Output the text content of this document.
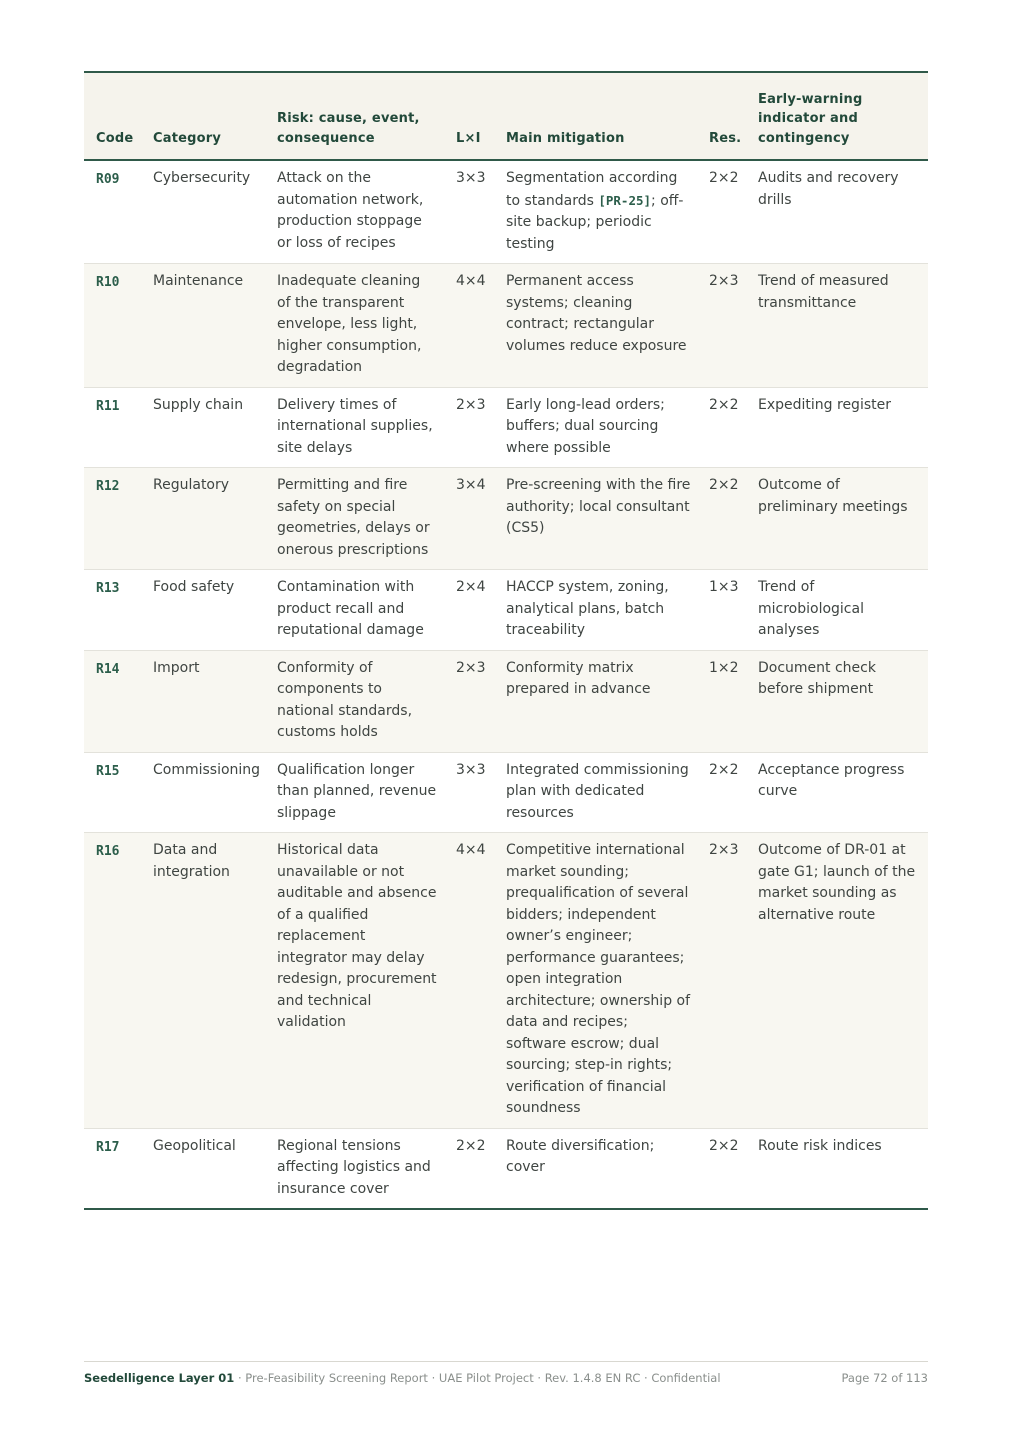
Code	Category	Risk: cause, event, consequence	L×I	Main mitigation	Res.	Early-warning indicator and contingency
R09	Cybersecurity	Attack on the automation network, production stoppage or loss of recipes	3×3	Segmentation according to standards [PR-25]; off-site backup; periodic testing	2×2	Audits and recovery drills
R10	Maintenance	Inadequate cleaning of the transparent envelope, less light, higher consumption, degradation	4×4	Permanent access systems; cleaning contract; rectangular volumes reduce exposure	2×3	Trend of measured transmittance
R11	Supply chain	Delivery times of international supplies, site delays	2×3	Early long-lead orders; buffers; dual sourcing where possible	2×2	Expediting register
R12	Regulatory	Permitting and fire safety on special geometries, delays or onerous prescriptions	3×4	Pre-screening with the fire authority; local consultant (CS5)	2×2	Outcome of preliminary meetings
R13	Food safety	Contamination with product recall and reputational damage	2×4	HACCP system, zoning, analytical plans, batch traceability	1×3	Trend of microbiological analyses
R14	Import	Conformity of components to national standards, customs holds	2×3	Conformity matrix prepared in advance	1×2	Document check before shipment
R15	Commissioning	Qualification longer than planned, revenue slippage	3×3	Integrated commissioning plan with dedicated resources	2×2	Acceptance progress curve
R16	Data and integration	Historical data unavailable or not auditable and absence of a qualified replacement integrator may delay redesign, procurement and technical validation	4×4	Competitive international market sounding; prequalification of several bidders; independent owner’s engineer; performance guarantees; open integration architecture; ownership of data and recipes; software escrow; dual sourcing; step-in rights; verification of financial soundness	2×3	Outcome of DR-01 at gate G1; launch of the market sounding as alternative route
R17	Geopolitical	Regional tensions affecting logistics and insurance cover	2×2	Route diversification; cover	2×2	Route risk indices
Seedelligence Layer 01 · Pre-Feasibility Screening Report · UAE Pilot Project · Rev. 1.4.8 EN RC · Confidential	Page 72 of 113
